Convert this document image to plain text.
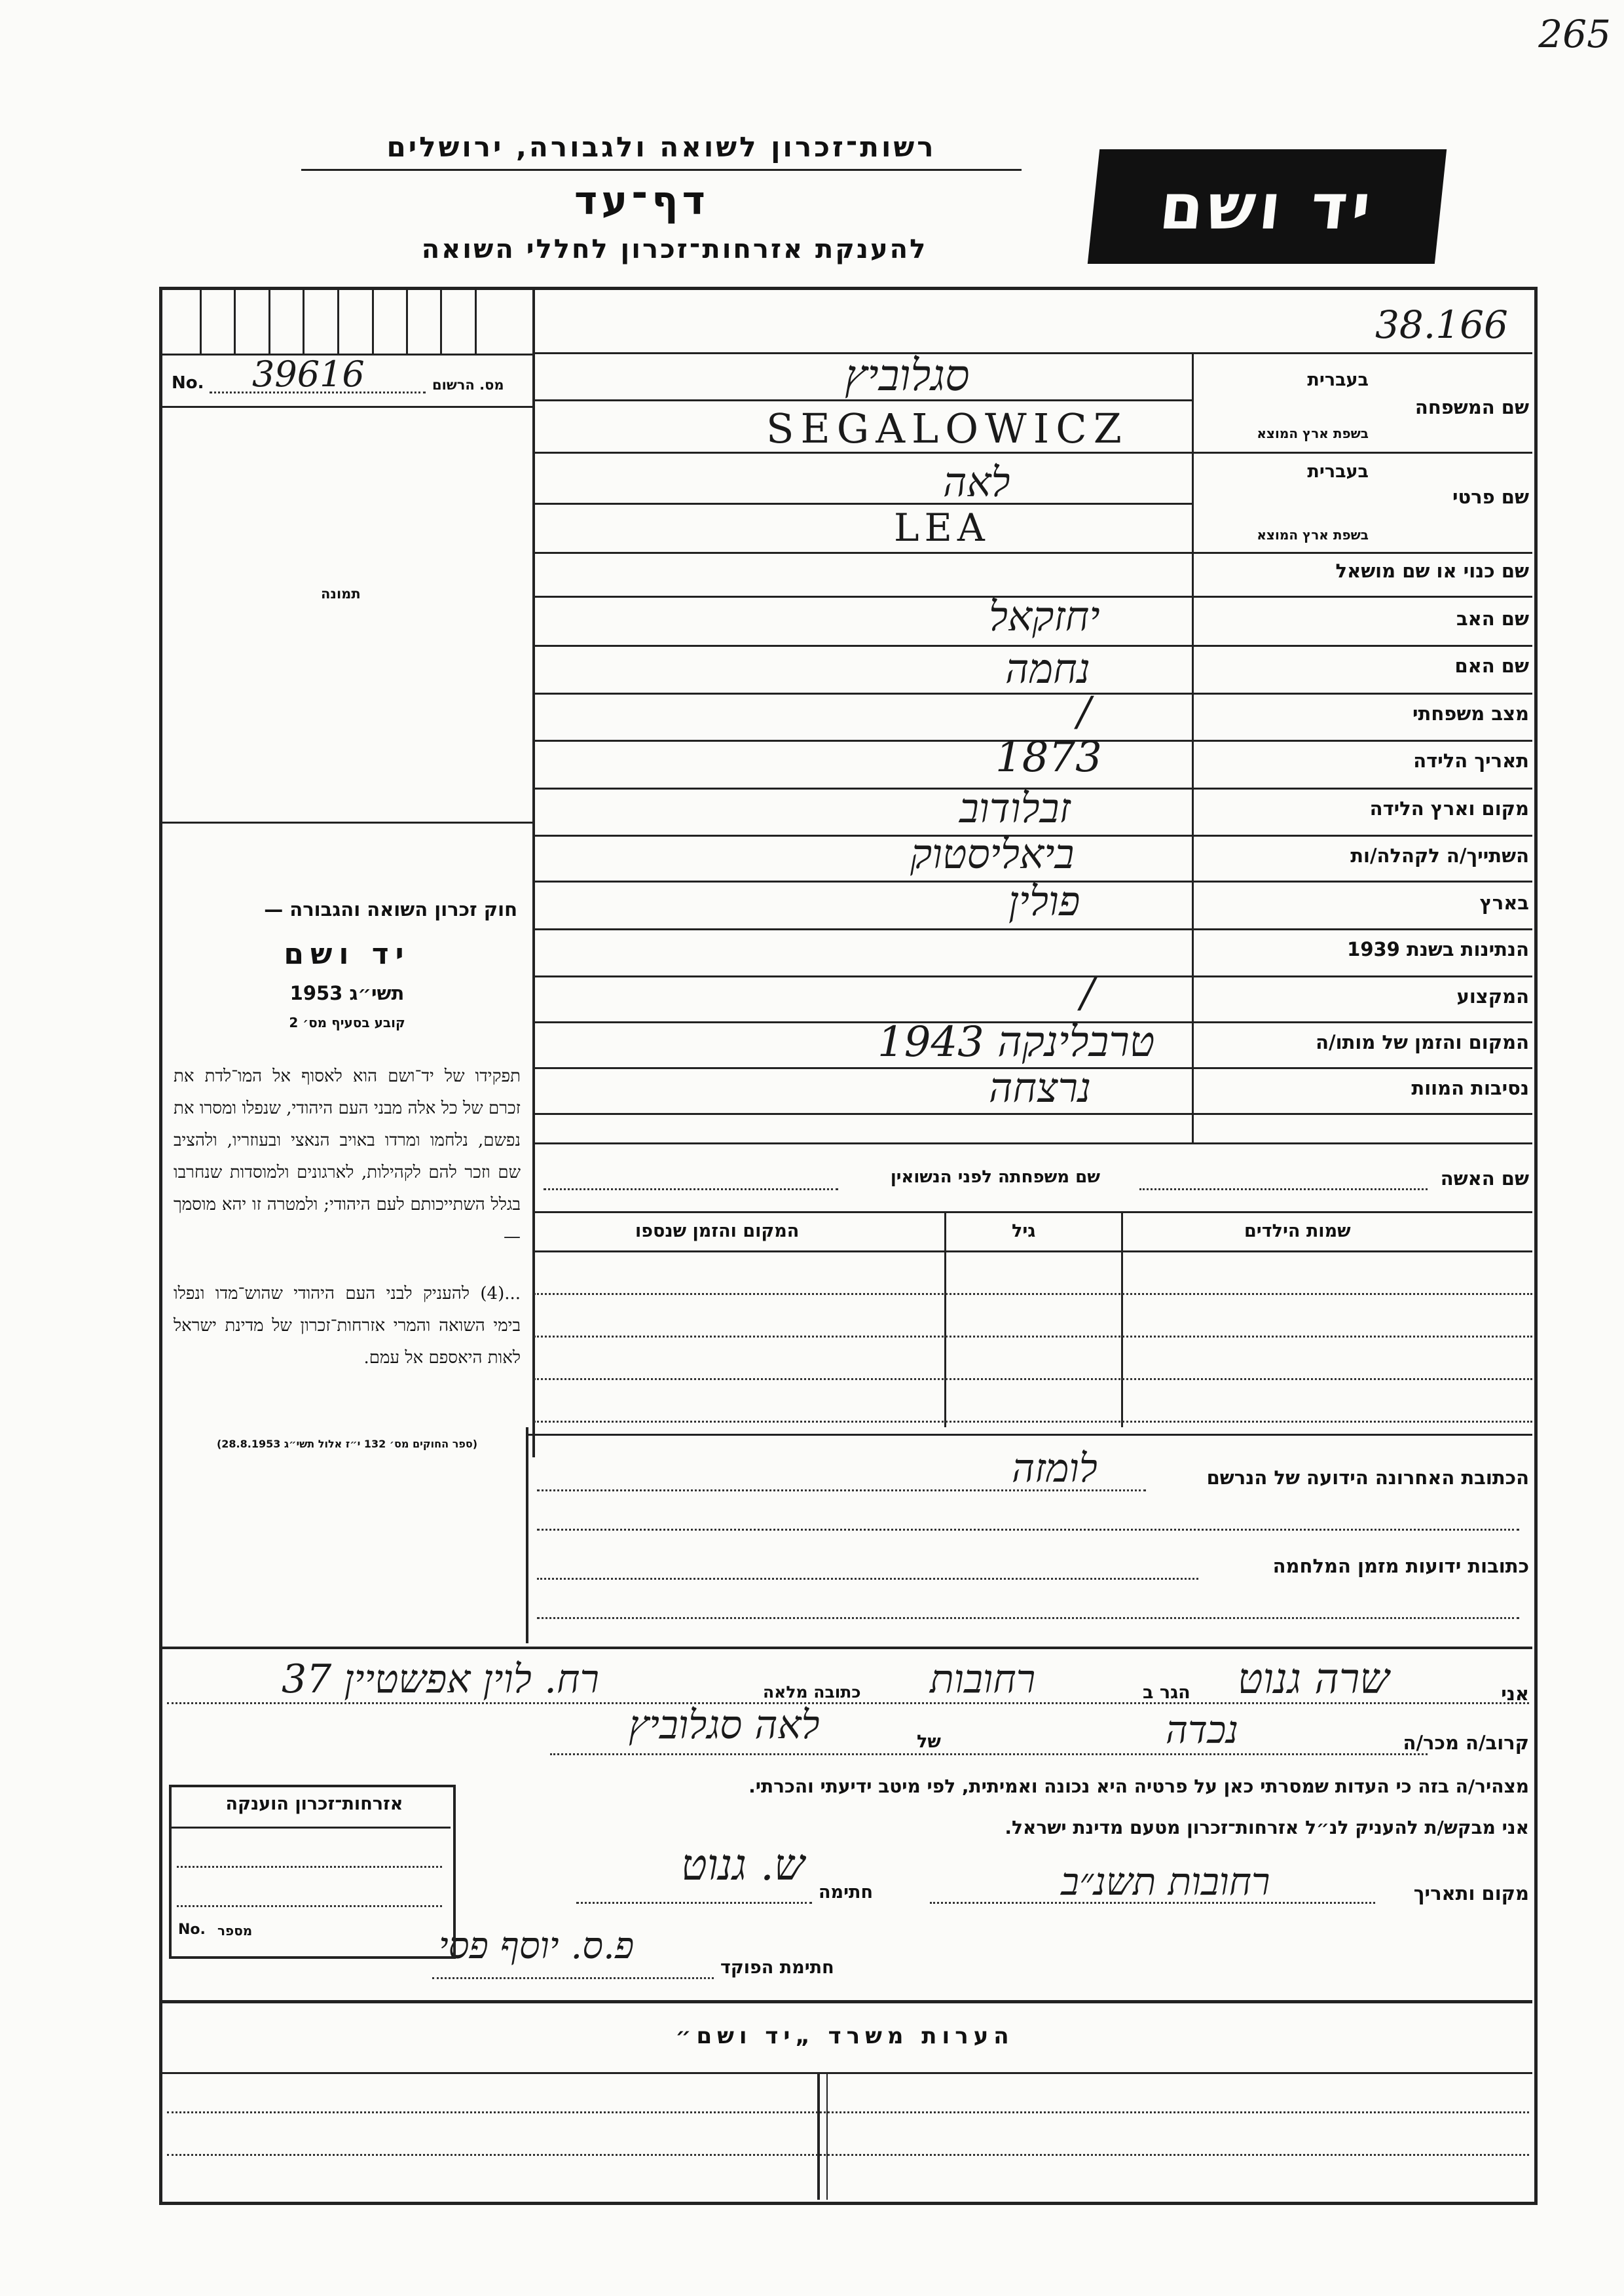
265
רשות־זכרון לשואה ולגבורה, ירושלים
דף־עד
להענקת אזרחות־זכרון לחללי השואה
יד ושם
38.166
No. 39616	מס. הרשום
תמונה
חוק זכרון השואה והגבורה —
יד ושם
תשי״ג 1953
קובע בסעיף מס׳ 2
תפקידו של יד־ושם הוא לאסוף אל המו־לדת את זכרם של כל אלה מבני העם היהודי, שנפלו ומסרו את נפשם, נלחמו ומרדו באויב הנאצי ובעוזריו, ולהציב שם וזכר להם לקהילות, לארגונים ולמוסדות שנחרבו בגלל השתייכותם לעם היהודי; ולמטרה זו יהא מוסמך —
...(4) להעניק לבני העם היהודי שהוש־מדו ונפלו בימי השואה והמרי אזרחות־זכרון של מדינת ישראל לאות היאספם אל עמם.
(ספר החוקים מס׳ 132 י״ז אלול תשי״ג 28.8.1953)
שם המשפחה
בעברית
בשפת ארץ המוצא
שם פרטי
בעברית
בשפת ארץ המוצא
שם כנוי או שם מושאל
שם האב
שם האם
מצב משפחתי
תאריך הלידה
מקום וארץ הלידה
השתייך/ה לקהלה/ות
בארץ
הנתינות בשנת 1939
המקצוע
המקום והזמן של מותו/ה
נסיבות המוות
סגלוביץ
SEGALOWICZ
לאה
LEA
יחזקאל
נחמה
/
1873
זבלודוב
ביאליסטוק
פולין
/
טרבלינקה 1943
נרצחה
שם האשה
שם משפחתה לפני הנשואין
שמות הילדים
גיל
המקום והזמן שנספו
הכתובת האחרונה הידועה של הנרשם
לומזה
כתובות ידועות מזמן המלחמה
אני
שרה גנוט
הגר ב
רחובות
כתובה מלאה
רח. לוין אפשטיין 37
קרוב/ה מכר/ה
נכדה
של
לאה סגלוביץ
מצהיר/ה בזה כי העדות שמסרתי כאן על פרטיה היא נכונה ואמיתית, לפי מיטב ידיעתי והכרתי.
אני מבקש/ת להעניק לנ״ל אזרחות־זכרון מטעם מדינת ישראל.
מקום ותאריך
רחובות תשנ״ב
חתימה
ש. גנוט
חתימת הפוקד
פ.ס. יוסף פסי
אזרחות־זכרון הוענקה
No. מספר
הערות משרד „יד ושם״
